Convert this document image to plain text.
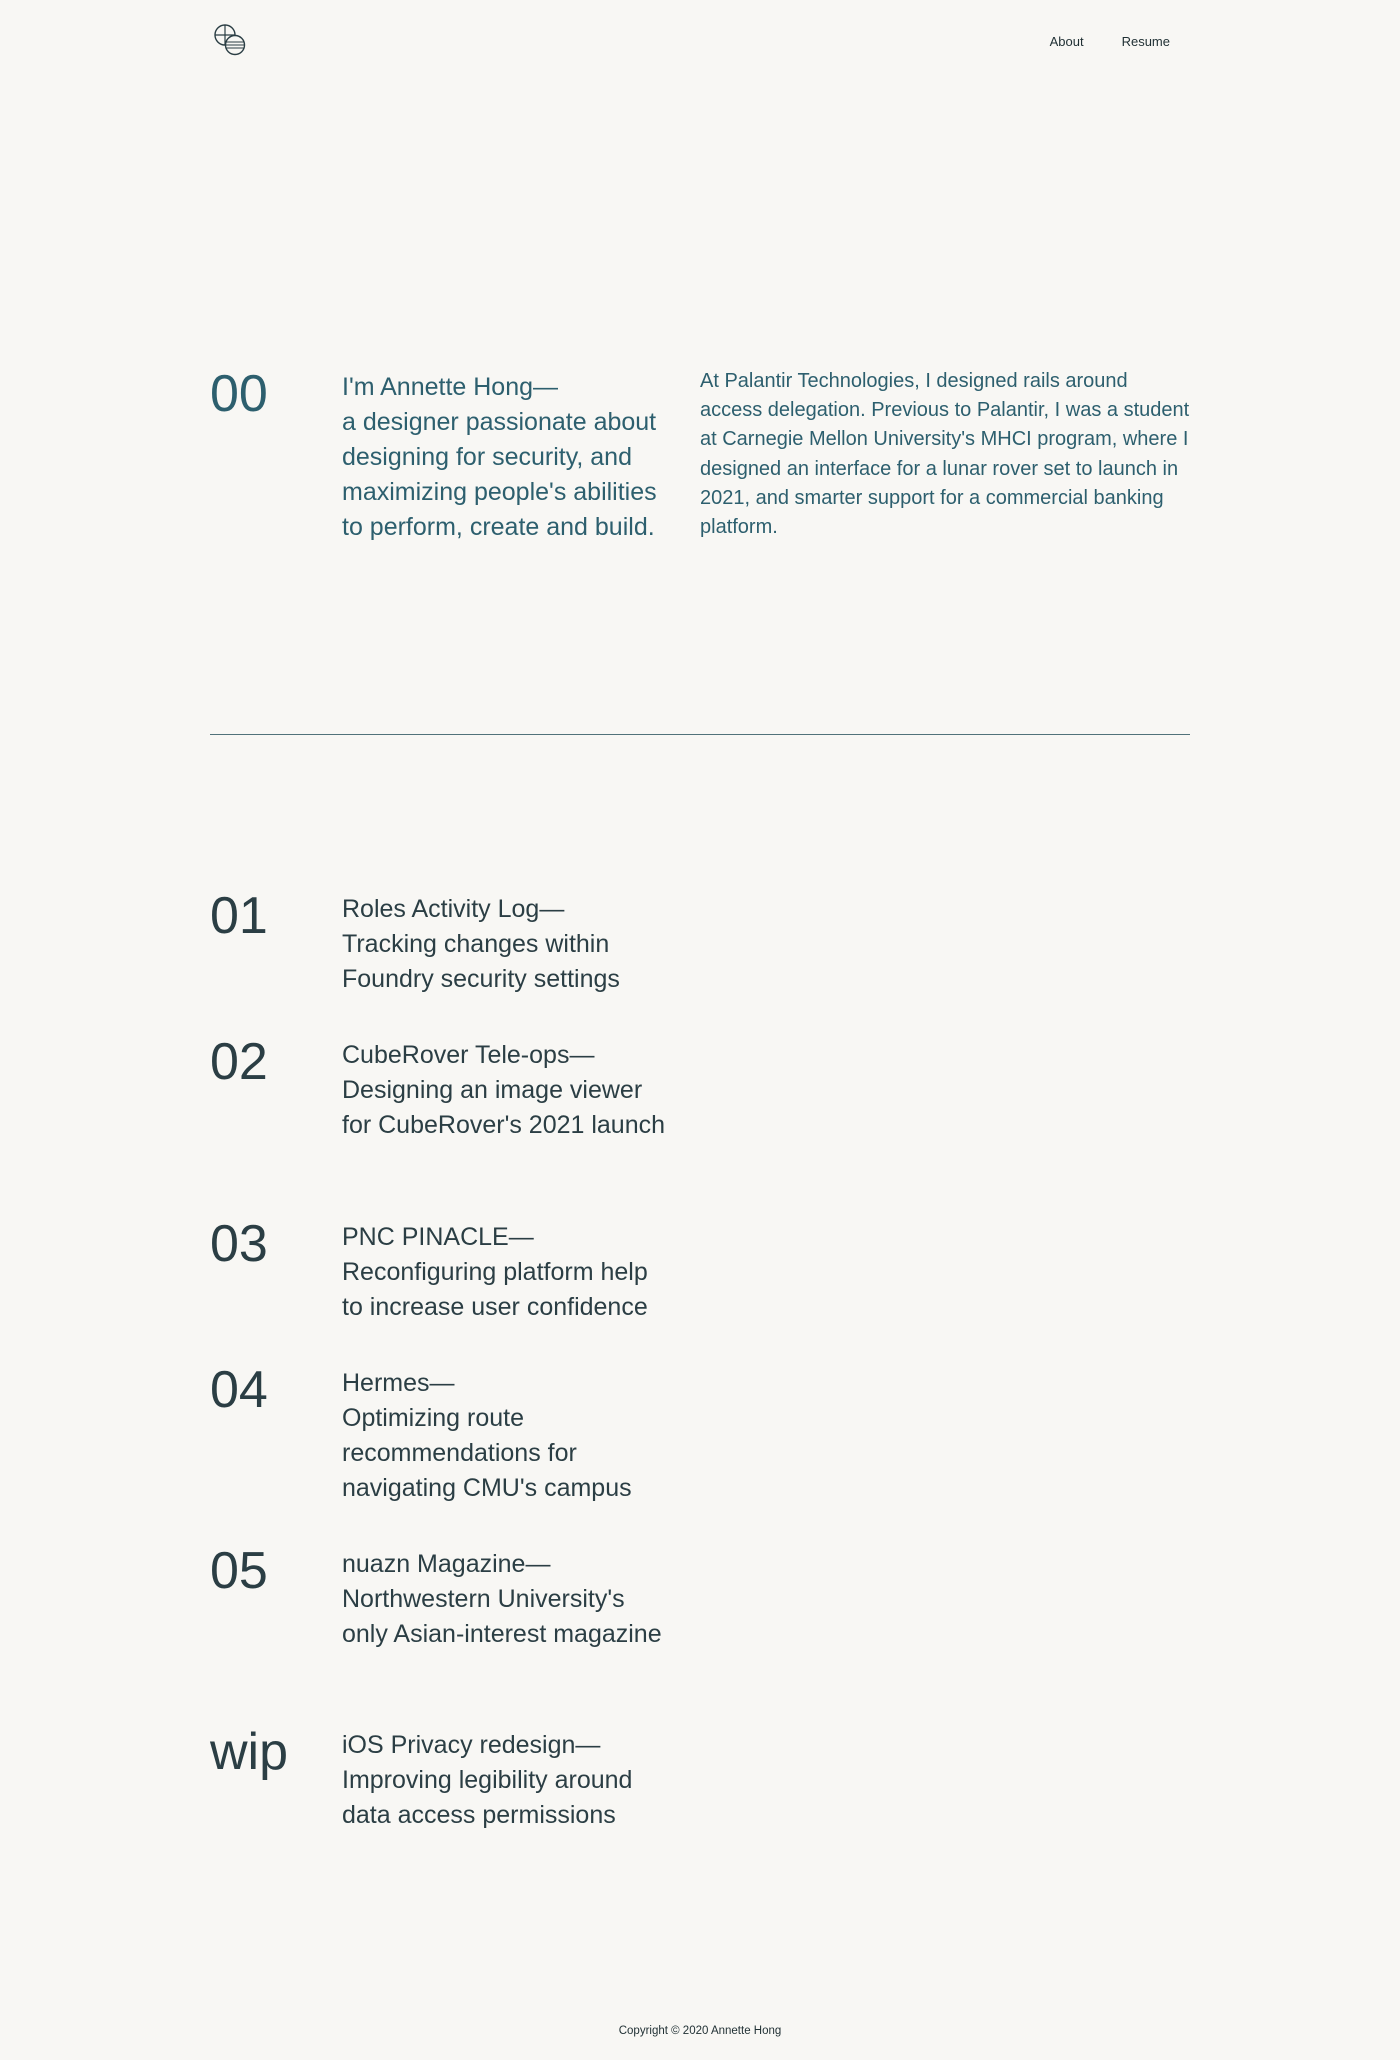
About	Resume
00	I'm Annette Hong—
a designer passionate about designing for security, and maximizing people's abilities to perform, create and build.

At Palantir Technologies, I designed rails around access delegation. Previous to Palantir, I was a student at Carnegie Mellon University's MHCI program, where I designed an interface for a lunar rover set to launch in 2021, and smarter support for a commercial banking platform.

01	Roles Activity Log—
Tracking changes within Foundry security settings
02	CubeRover Tele-ops—
Designing an image viewer for CubeRover's 2021 launch
03	PNC PINACLE—
Reconfiguring platform help to increase user confidence
04	Hermes—
Optimizing route recommendations for navigating CMU's campus
05	nuazn Magazine—
Northwestern University's only Asian-interest magazine
wip iOS Privacy redesign—
Improving legibility around data access permissions
Copyright © 2020 Annette Hong
